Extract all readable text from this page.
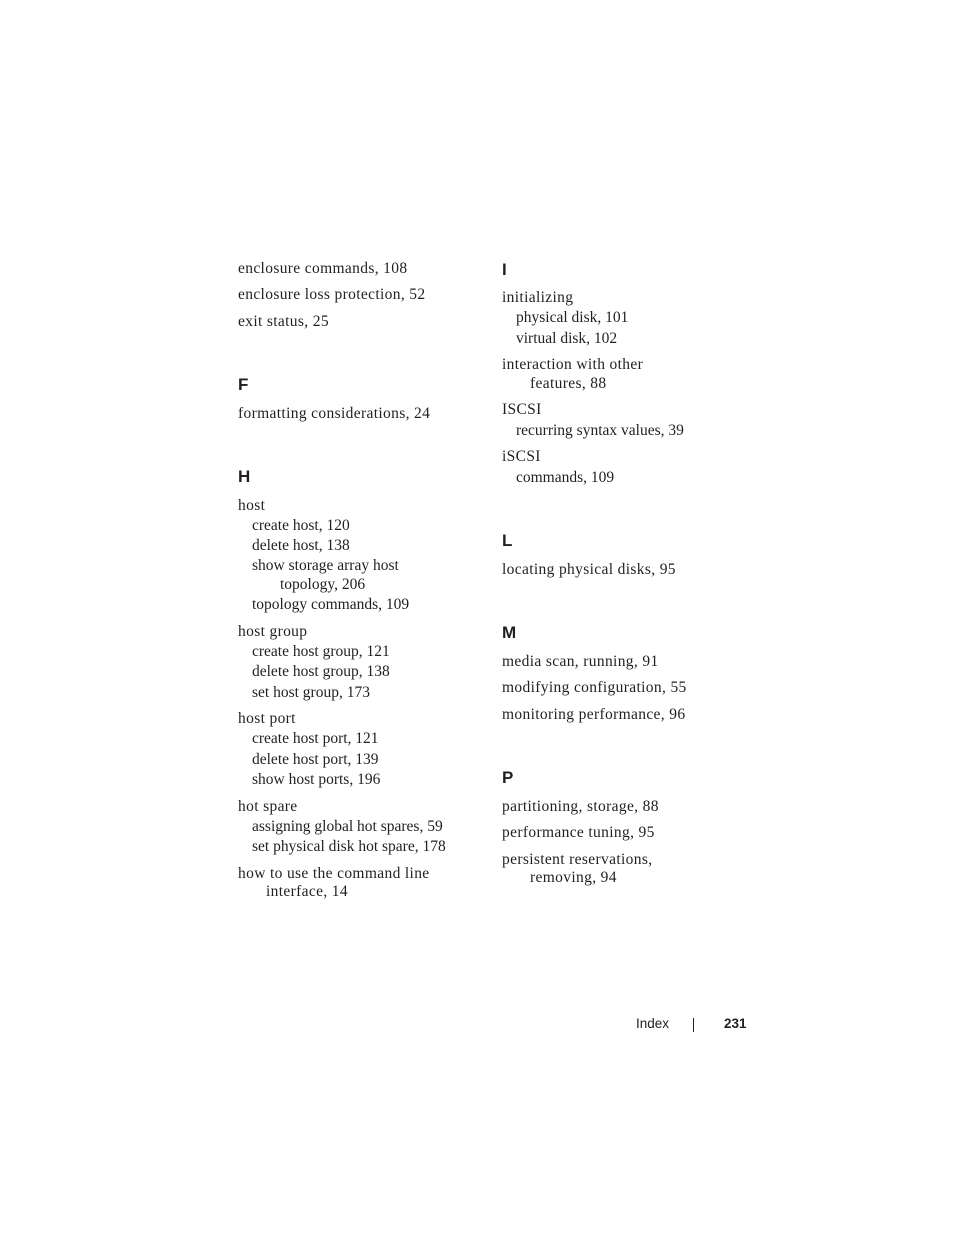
enclosure commands, 108
enclosure loss protection, 52
exit status, 25
F
formatting considerations, 24
H
host
create host, 120
delete host, 138
show storage array host
topology, 206
topology commands, 109
host group
create host group, 121
delete host group, 138
set host group, 173
host port
create host port, 121
delete host port, 139
show host ports, 196
hot spare
assigning global hot spares, 59
set physical disk hot spare, 178
how to use the command line
interface, 14
I
initializing
physical disk, 101
virtual disk, 102
interaction with other
features, 88
ISCSI
recurring syntax values, 39
iSCSI
commands, 109
L
locating physical disks, 95
M
media scan, running, 91
modifying configuration, 55
monitoring performance, 96
P
partitioning, storage, 88
performance tuning, 95
persistent reservations,
removing, 94
Index	231
